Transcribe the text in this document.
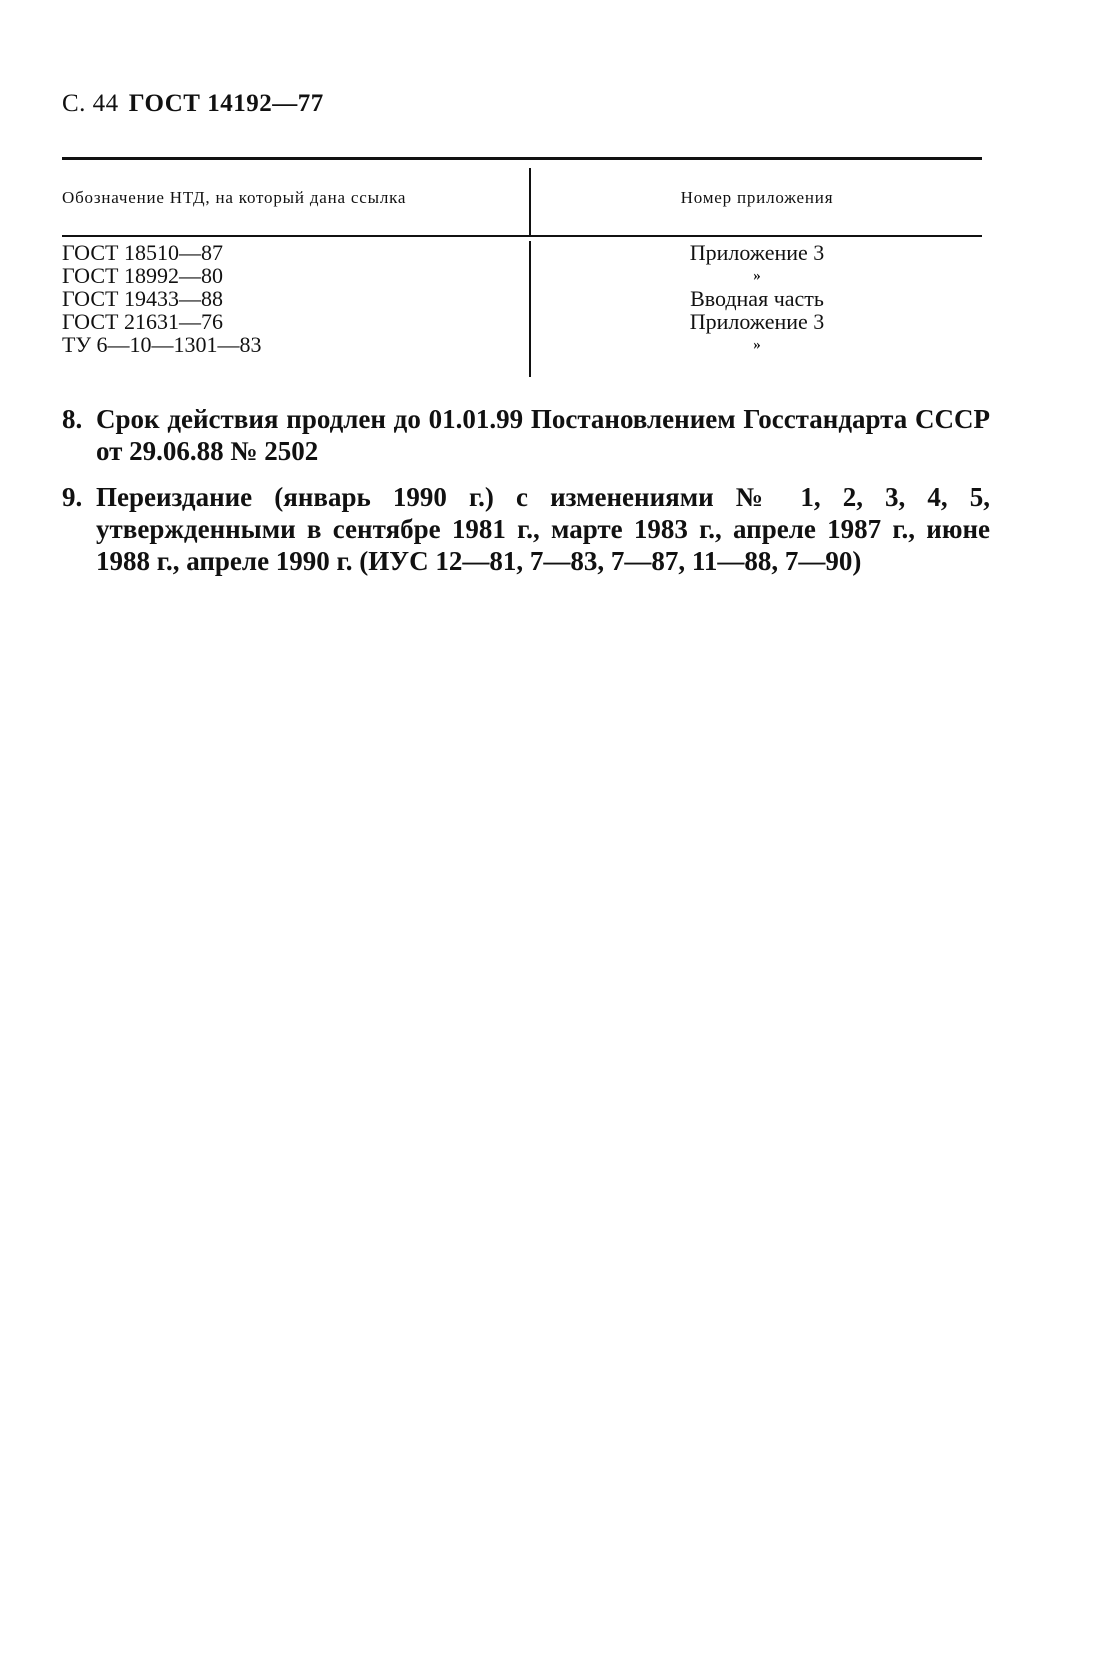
С. 44 ГОСТ 14192—77
Обозначение НТД, на который дана ссылка	Номер приложения
ГОСТ 18510—87	Приложение 3
ГОСТ 18992—80	»
ГОСТ 19433—88	Вводная часть
ГОСТ 21631—76	Приложение 3
ТУ 6—10—1301—83	»
8. Срок действия продлен до 01.01.99 Постановлением Госстандарта СССР от 29.06.88 № 2502
9. Переиздание (январь 1990 г.) с изменениями № 1, 2, 3, 4, 5, утвержденными в сентябре 1981 г., марте 1983 г., апреле 1987 г., июне 1988 г., апреле 1990 г. (ИУС 12—81, 7—83, 7—87, 11—88, 7—90)
